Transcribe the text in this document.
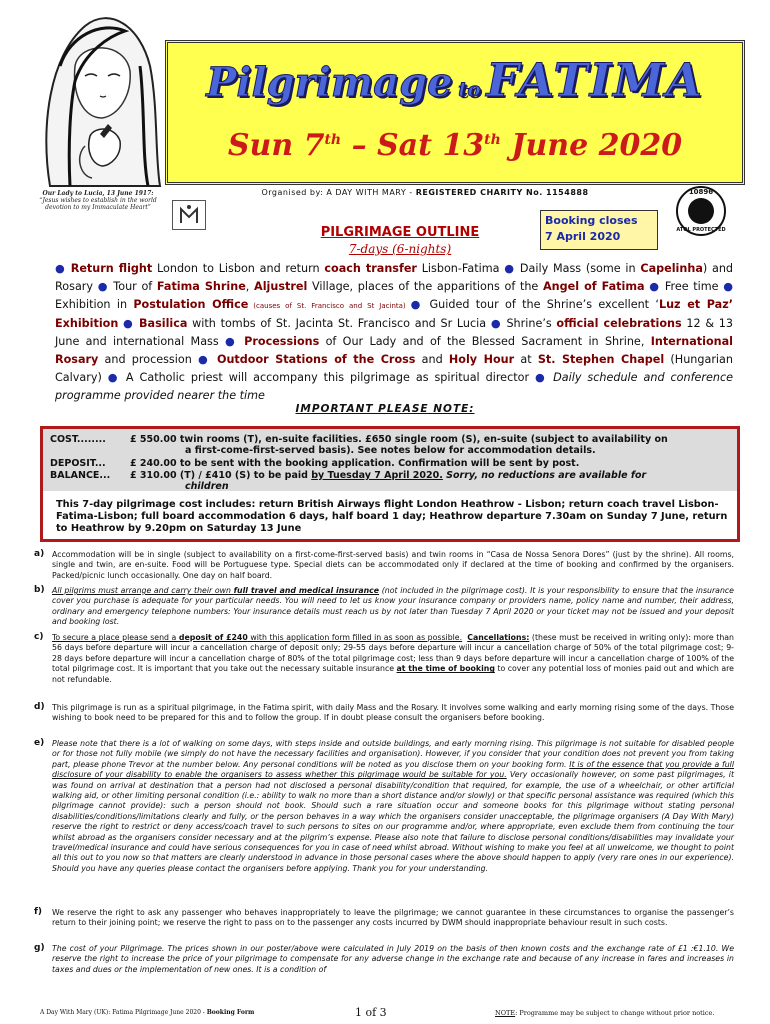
Our Lady to Lucia, 13 June 1917:
“Jesus wishes to establish in the world devotion to my Immaculate Heart”
Pilgrimage to FATIMA
Sun 7th – Sat 13th June 2020
Organised by: A DAY WITH MARY - REGISTERED CHARITY No. 1154888	10896
ATOL PROTECTED
Booking closes
7 April 2020
PILGRIMAGE OUTLINE
7-days (6-nights)
● Return flight London to Lisbon and return coach transfer Lisbon-Fatima ● Daily Mass (some in Capelinha) and Rosary ● Tour of Fatima Shrine, Aljustrel Village, places of the apparitions of the Angel of Fatima ● Free time ● Exhibition in Postulation Office (causes of St. Francisco and St Jacinta) ● Guided tour of the Shrine’s excellent ‘Luz et Paz’ Exhibition ● Basilica with tombs of St. Jacinta St. Francisco and Sr Lucia ● Shrine’s official celebrations 12 & 13 June and international Mass ● Processions of Our Lady and of the Blessed Sacrament in Shrine, International Rosary and procession ● Outdoor Stations of the Cross and Holy Hour at St. Stephen Chapel (Hungarian Calvary) ● A Catholic priest will accompany this pilgrimage as spiritual director ● Daily schedule and conference programme provided nearer the time
IMPORTANT PLEASE NOTE:
COST........	£ 550.00 twin rooms (T), en-suite facilities. £650 single room (S), en-suite (subject to availability on
a first-come-first-served basis). See notes below for accommodation details.
DEPOSIT...	£ 240.00 to be sent with the booking application. Confirmation will be sent by post.
BALANCE... £ 310.00 (T) / £410 (S) to be paid by Tuesday 7 April 2020. Sorry, no reductions are available for
children
This 7-day pilgrimage cost includes: return British Airways flight London Heathrow - Lisbon; return coach travel Lisbon-Fatima-Lisbon; full board accommodation 6 days, half board 1 day; Heathrow departure 7.30am on Sunday 7 June, return to Heathrow by 9.20pm on Saturday 13 June
a) Accommodation will be in single (subject to availability on a first-come-first-served basis) and twin rooms in “Casa de Nossa Senora Dores” (just by the shrine). All rooms, single and twin, are en-suite. Food will be Portuguese type. Special diets can be accommodated only if declared at the time of booking and confirmed by the organisers. Packed/picnic lunch occasionally. One day on half board.
b) All pilgrims must arrange and carry their own full travel and medical insurance (not included in the pilgrimage cost). It is your responsibility to ensure that the insurance cover you purchase is adequate for your particular needs. You will need to let us know your insurance company or providers name, policy name and number, their address, ordinary and emergency telephone numbers: Your insurance details must reach us by not later than Tuesday 7 April 2020 or your ticket may not be issued and your deposit and booking lost.
c) To secure a place please send a deposit of £240 with this application form filled in as soon as possible. Cancellations: (these must be received in writing only): more than 56 days before departure will incur a cancellation charge of deposit only; 29-55 days before departure will incur a cancellation charge of 50% of the total pilgrimage cost; 9-28 days before departure will incur a cancellation charge of 80% of the total pilgrimage cost; less than 9 days before departure will incur a cancellation charge of 100% of the total pilgrimage cost. It is important that you take out the necessary suitable insurance at the time of booking to cover any potential loss of monies paid out and which are not refundable.
d) This pilgrimage is run as a spiritual pilgrimage, in the Fatima spirit, with daily Mass and the Rosary. It involves some walking and early morning rising some of the days. Those wishing to book need to be prepared for this and to follow the group. If in doubt please consult the organisers before booking.
e) Please note that there is a lot of walking on some days, with steps inside and outside buildings, and early morning rising. This pilgrimage is not suitable for disabled people or for those not fully mobile (we simply do not have the necessary facilities and organisation). However, if you consider that your condition does not prevent you from taking part, please phone Trevor at the number below. Any personal conditions will be noted as you disclose them on your booking form. It is of the essence that you provide a full disclosure of your disability to enable the organisers to assess whether this pilgrimage would be suitable for you. Very occasionally however, on some past pilgrimages, it was found on arrival at destination that a person had not disclosed a personal disability/condition that required, for example, the use of a wheelchair, or other artificial walking aid, or other limiting personal condition (i.e.: ability to walk no more than a short distance and/or slowly) or that specific personal assistance was required (which this pilgrimage cannot provide): such a person should not book. Should such a rare situation occur and someone books for this pilgrimage without stating personal disabilities/conditions/limitations clearly and fully, or the person behaves in a way which the organisers consider unacceptable, the pilgrimage organisers (A Day With Mary) reserve the right to restrict or deny access/coach travel to such persons to sites on our programme and/or, where appropriate, even exclude them from continuing the tour whilst abroad as the organisers consider necessary and at the pilgrim’s expense. Please also note that failure to disclose personal conditions/disabilities may invalidate your travel/medical insurance and could have serious consequences for you in case of need whilst abroad. Without wishing to make you feel at all unwelcome, we thought to point all this out to you now so that matters are clearly understood in advance in those personal cases where the above should happen to apply (very rare ones in our experience). Should you have any queries please contact the organisers before applying. Thank you for your understanding.
f) We reserve the right to ask any passenger who behaves inappropriately to leave the pilgrimage; we cannot guarantee in these circumstances to organise the passenger’s return to their joining point; we reserve the right to pass on to the passenger any costs incurred by DWM should inappropriate behaviour result in such costs.
g) The cost of your Pilgrimage. The prices shown in our poster/above were calculated in July 2019 on the basis of then known costs and the exchange rate of £1 :€1.10. We reserve the right to increase the price of your pilgrimage to compensate for any adverse change in the exchange rate and because of any increase in fares and increases in taxes and dues or the implementation of new ones. It is a condition of
A Day With Mary (UK): Fatima Pilgrimage June 2020 - Booking Form	1 of 3	NOTE: Programme may be subject to change without prior notice.
